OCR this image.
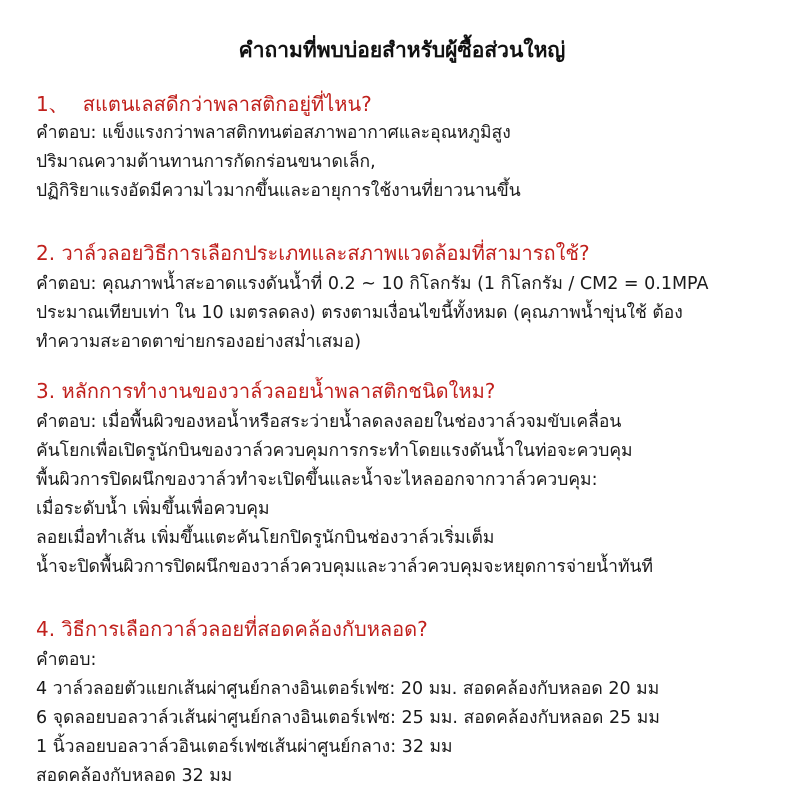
คำถามที่พบบ่อยสำหรับผู้ซื้อส่วนใหญ่
1、 สแตนเลสดีกว่าพลาสติกอยู่ที่ไหน?
คำตอบ: แข็งแรงกว่าพลาสติกทนต่อสภาพอากาศและอุณหภูมิสูง
ปริมาณความต้านทานการกัดกร่อนขนาดเล็ก,
ปฏิกิริยาแรงอัดมีความไวมากขึ้นและอายุการใช้งานที่ยาวนานขึ้น
2. วาล์วลอยวิธีการเลือกประเภทและสภาพแวดล้อมที่สามารถใช้?
คำตอบ: คุณภาพน้ำสะอาดแรงดันน้ำที่ 0.2 ~ 10 กิโลกรัม (1 กิโลกรัม / CM2 = 0.1MPA
ประมาณเทียบเท่า ใน 10 เมตรลดลง) ตรงตามเงื่อนไขนี้ทั้งหมด (คุณภาพน้ำขุ่นใช้ ต้อง
ทำความสะอาดตาข่ายกรองอย่างสม่ำเสมอ)
3. หลักการทำงานของวาล์วลอยน้ำพลาสติกชนิดใหม?
คำตอบ: เมื่อพื้นผิวของหอน้ำหรือสระว่ายน้ำลดลงลอยในช่องวาล์วจมขับเคลื่อน
คันโยกเพื่อเปิดรูนักบินของวาล์วควบคุมการกระทำโดยแรงดันน้ำในท่อจะควบคุม
พื้นผิวการปิดผนึกของวาล์วทำจะเปิดขึ้นและน้ำจะไหลออกจากวาล์วควบคุม:
เมื่อระดับน้ำ เพิ่มขึ้นเพื่อควบคุม
ลอยเมื่อทำเส้น เพิ่มขึ้นแตะคันโยกปิดรูนักบินช่องวาล์วเริ่มเต็ม
น้ำจะปิดพื้นผิวการปิดผนึกของวาล์วควบคุมและวาล์วควบคุมจะหยุดการจ่ายน้ำทันที
4. วิธีการเลือกวาล์วลอยที่สอดคล้องกับหลอด?
คำตอบ:
4 วาล์วลอยตัวแยกเส้นผ่าศูนย์กลางอินเตอร์เฟซ: 20 มม. สอดคล้องกับหลอด 20 มม
6 จุดลอยบอลวาล์วเส้นผ่าศูนย์กลางอินเตอร์เฟซ: 25 มม. สอดคล้องกับหลอด 25 มม
1 นิ้วลอยบอลวาล์วอินเตอร์เฟซเส้นผ่าศูนย์กลาง: 32 มม
สอดคล้องกับหลอด 32 มม
